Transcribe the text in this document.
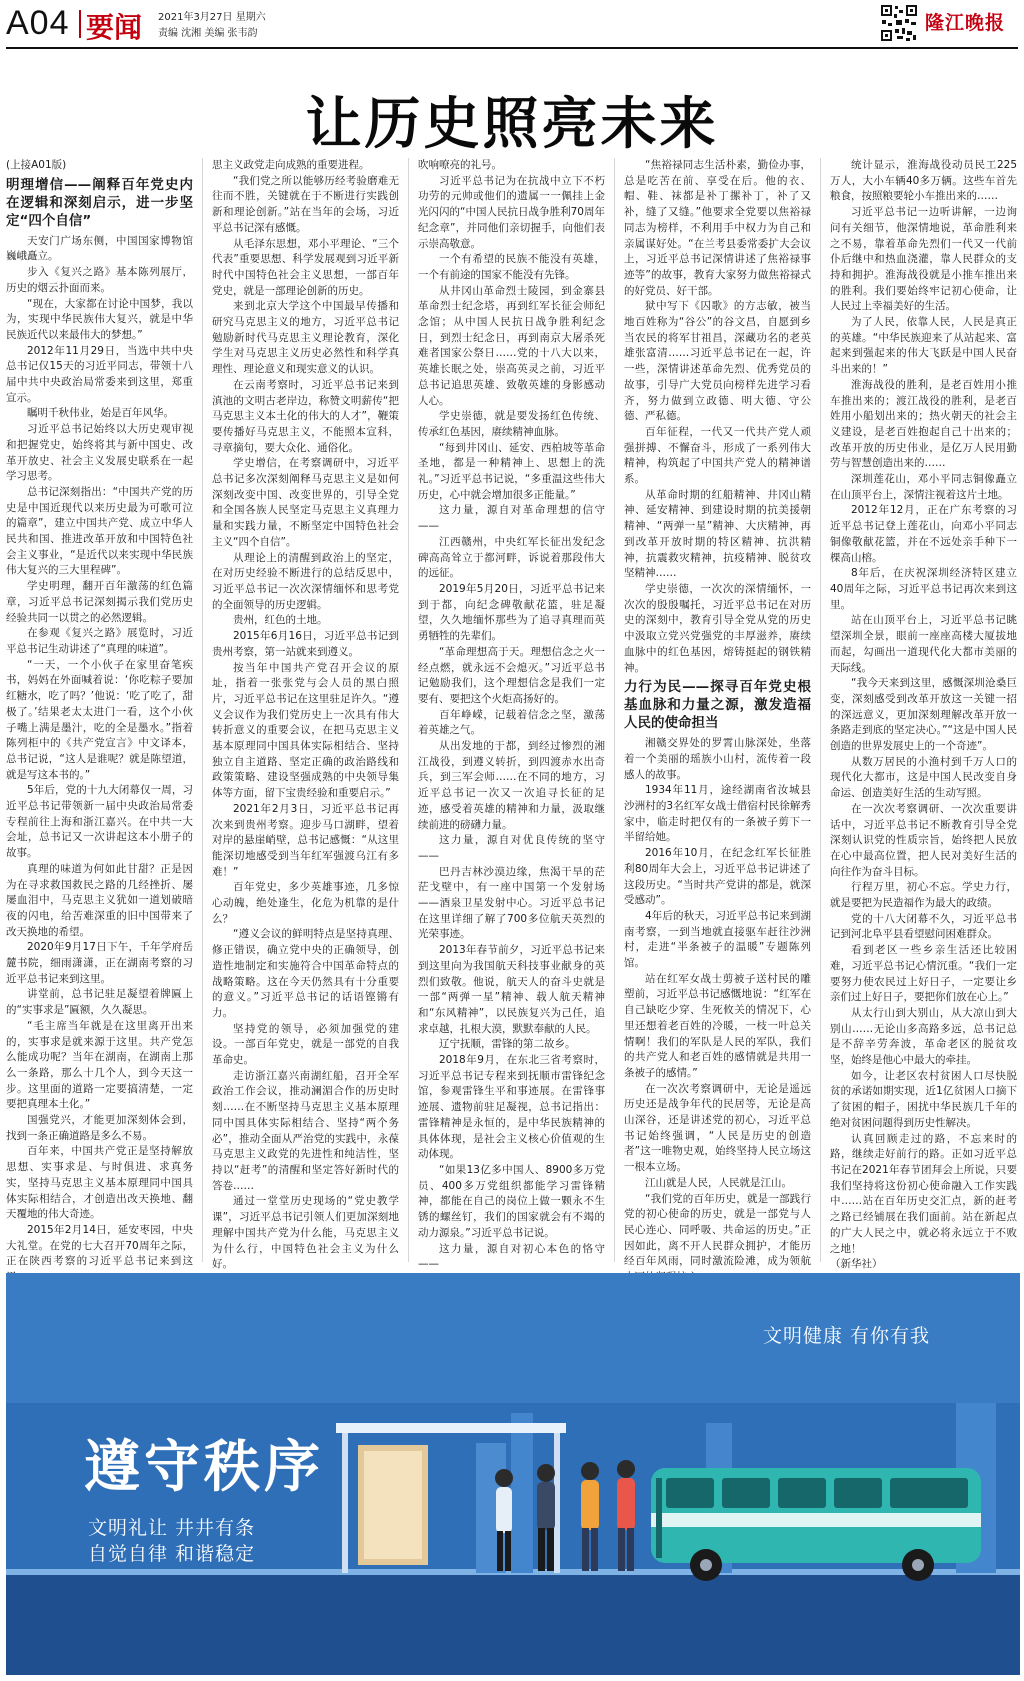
A04 要闻 2021年3月27日 星期六
责编 沈湘 美编 张韦韵	隆江晚报
让历史照亮未来

(上接A01版)

明理增信——阐释百年党史内在逻辑和深刻启示，进一步坚定“四个自信”

天安门广场东侧，中国国家博物馆巍峨矗立。

步入《复兴之路》基本陈列展厅，历史的烟云扑面而来。

“现在，大家都在讨论中国梦，我以为，实现中华民族伟大复兴，就是中华民族近代以来最伟大的梦想。”

2012年11月29日，当选中共中央总书记仅15天的习近平同志，带领十八届中共中央政治局常委来到这里，郑重宣示。

瞩明千秋伟业，始是百年风华。

习近平总书记始终以大历史观审视和把握党史，始终将其与新中国史、改革开放史、社会主义发展史联系在一起学习思考。

总书记深刻指出：“中国共产党的历史是中国近现代以来历史最为可歌可泣的篇章”，建立中国共产党、成立中华人民共和国、推进改革开放和中国特色社会主义事业，“是近代以来实现中华民族伟大复兴的三大里程碑”。

学史明理，翻开百年激荡的红色篇章，习近平总书记深刻揭示我们党历史经验共同一以贯之的必然逻辑。

在参观《复兴之路》展览时，习近平总书记生动讲述了“真理的味道”。

“一天，一个小伙子在家里奋笔疾书，妈妈在外面喊着说：‘你吃粽子要加红糖水，吃了吗？’他说：‘吃了吃了，甜极了。’结果老太太进门一看，这个小伙子嘴上满是墨汁，吃的全是墨水。”指着陈列柜中的《共产党宣言》中文译本，总书记说，“这人是谁呢？就是陈望道，就是写这本书的。”

5年后，党的十九大闭幕仅一周，习近平总书记带领新一届中央政治局常委专程前往上海和浙江嘉兴。在中共一大会址，总书记又一次讲起这本小册子的故事。

真理的味道为何如此甘甜？正是因为在寻求救国救民之路的几经挫折、屡屡血泪中，马克思主义犹如一道划破暗夜的闪电，给苦难深重的旧中国带来了改天换地的希望。

2020年9月17日下午，千年学府岳麓书院，细雨潇潇，正在湖南考察的习近平总书记来到这里。

讲堂前，总书记驻足凝望着牌匾上的“实事求是”匾额，久久凝思。

“毛主席当年就是在这里离开出来的，实事求是就来源于这里。共产党怎么能成功呢？当年在湖南，在湖南上那么一条路，那么十几个人，到今天这一步。这里面的道路一定要搞清楚，一定要把真理本土化。”

国强党兴，才能更加深刻体会到，找到一条正确道路是多么不易。

百年来，中国共产党正是坚持解放思想、实事求是、与时俱进、求真务实，坚持马克思主义基本原理同中国具体实际相结合，才创造出改天换地、翻天覆地的伟大奇迹。

2015年2月14日，延安枣园，中央大礼堂。在党的七大召开70周年之际，正在陕西考察的习近平总书记来到这

思主义政党走向成熟的重要进程。

“我们党之所以能够历经考验磨难无往而不胜，关键就在于不断进行实践创新和理论创新。”站在当年的会场，习近平总书记深有感慨。

从毛泽东思想，邓小平理论、“三个代表”重要思想、科学发展观到习近平新时代中国特色社会主义思想，一部百年党史，就是一部理论创新的历史。

来到北京大学这个中国最早传播和研究马克思主义的地方，习近平总书记勉励新时代马克思主义理论教育，深化学生对马克思主义历史必然性和科学真理性、理论意义和现实意义的认识。

在云南考察时，习近平总书记来到滇池的文明古老岸边，称赞文明薪传“把马克思主义本土化的伟大的人才”，鞭策要传播好马克思主义，不能照本宣科，寻章摘句，要大众化、通俗化。

学史增信，在考察调研中，习近平总书记多次深刻阐释马克思主义是如何深刻改变中国、改变世界的，引导全党和全国各族人民坚定马克思主义真理力量和实践力量，不断坚定中国特色社会主义“四个自信”。

从理论上的清醒到政治上的坚定，在对历史经验不断进行的总结反思中，习近平总书记一次次深情缅怀和思考党的全面领导的历史逻辑。

贵州，红色的土地。

2015年6月16日，习近平总书记到贵州考察，第一站就来到遵义。

按当年中国共产党召开会议的原址，指着一张张党与会人员的黑白照片，习近平总书记在这里驻足许久。“遵义会议作为我们党历史上一次具有伟大转折意义的重要会议，在把马克思主义基本原理同中国具体实际相结合、坚持独立自主道路、坚定正确的政治路线和政策策略、建设坚强成熟的中央领导集体等方面，留下宝贵经验和重要启示。”

2021年2月3日，习近平总书记再次来到贵州考察。迎步马口湖畔，望着对岸的悬崖峭壁，总书记感慨：“从这里能深切地感受到当年红军强渡乌江有多难！”

百年党史，多少英雄事迹，几多惊心动魄，绝处逢生，化危为机靠的是什么？

“遵义会议的鲜明特点是坚持真理、修正错误，确立党中央的正确领导，创造性地制定和实施符合中国革命特点的战略策略。这在今天仍然具有十分重要的意义。”习近平总书记的话语铿锵有力。

坚持党的领导，必须加强党的建设。一部百年党史，就是一部党的自我革命史。

走访浙江嘉兴南湖红船，召开全军政治工作会议，推动澜湄合作的历史时刻……在不断坚持马克思主义基本原理同中国具体实际相结合、坚持“两个务必”，推动全面从严治党的实践中，永葆马克思主义政党的先进性和纯洁性，坚持以“赶考”的清醒和坚定答好新时代的答卷……

通过一堂堂历史现场的“党史教学课”，习近平总书记引领人们更加深刻地理解中国共产党为什么能，马克思主义为什么行，中国特色社会主义为什么好。

吹响嘹亮的礼号。

习近平总书记为在抗战中立下不朽功劳的元帅或他们的遗属一一佩挂上金光闪闪的“中国人民抗日战争胜利70周年纪念章”，并同他们亲切握手，向他们表示崇高敬意。

一个有希望的民族不能没有英雄，一个有前途的国家不能没有先锋。

从井冈山革命烈士陵园，到金寨县革命烈士纪念塔，再到红军长征会师纪念馆；从中国人民抗日战争胜利纪念日，到烈士纪念日，再到南京大屠杀死难者国家公祭日……党的十八大以来，英雄长眠之处，崇高英灵之前，习近平总书记追思英雄、致敬英雄的身影感动人心。

学史崇德，就是要发扬红色传统、传承红色基因，赓续精神血脉。

“每到井冈山、延安、西柏坡等革命圣地，都是一种精神上、思想上的洗礼。”习近平总书记说，“多重温这些伟大历史，心中就会增加很多正能量。”

这力量，源自对革命理想的信守——

江西赣州，中央红军长征出发纪念碑高高耸立于都河畔，诉说着那段伟大的远征。

2019年5月20日，习近平总书记来到于都，向纪念碑敬献花篮，驻足凝望，久久地缅怀那些为了追寻真理而英勇牺牲的先辈们。

“革命理想高于天。理想信念之火一经点燃，就永远不会熄灭。”习近平总书记勉励我们，这个理想信念是我们一定要有、要把这个火炬高扬好的。

百年峥嵘，记载着信念之坚，激荡着英雄之气。

从出发地的于都，到经过惨烈的湘江战役，到遵义转折，到四渡赤水出奇兵，到三军会师……在不同的地方，习近平总书记一次又一次追寻长征的足迹，感受着英雄的精神和力量，汲取继续前进的磅礴力量。

这力量，源自对优良传统的坚守——

巴丹吉林沙漠边缘，焦渴干旱的茫茫戈壁中，有一座中国第一个发射场——酒泉卫星发射中心。习近平总书记在这里详细了解了700多位航天英烈的光荣事迹。

2013年春节前夕，习近平总书记来到这里向为我国航天科技事业献身的英烈们致敬。他说，航天人的奋斗史就是一部“两弹一星”精神、载人航天精神和“东风精神”，以民族复兴为己任，追求卓越，扎根大漠，默默奉献的人民。

辽宁抚顺，雷锋的第二故乡。

2018年9月，在东北三省考察时，习近平总书记专程来到抚顺市雷锋纪念馆，参观雷锋生平和事迹展。在雷锋事迹展、遗物前驻足凝视，总书记指出：雷锋精神是永恒的，是中华民族精神的具体体现，是社会主义核心价值观的生动体现。

“如果13亿多中国人、8900多万党员、400多万党组织都能学习雷锋精神，都能在自己的岗位上做一颗永不生锈的螺丝钉，我们的国家就会有不竭的动力源泉。”习近平总书记说。

这力量，源自对初心本色的恪守——

“焦裕禄同志生活朴素，勤俭办事，总是吃苦在前、享受在后。他的衣、帽、鞋、袜都是补丁摞补丁，补了又补，缝了又缝。”他要求全党要以焦裕禄同志为榜样，不利用手中权力为自己和亲属谋好处。“在兰考县委常委扩大会议上，习近平总书记深情讲述了焦裕禄事迹等”的故事，教育大家努力做焦裕禄式的好党员、好干部。

狱中写下《囚歌》的方志敏，被当地百姓称为“谷公”的谷文昌，自愿到乡当农民的将军甘祖昌，深藏功名的老英雄张富清……习近平总书记在一起，许一些，深情讲述革命先烈、优秀党员的故事，引导广大党员向榜样先进学习看齐，努力做到立政德、明大德、守公德、严私德。

百年征程，一代又一代共产党人顽强拼搏、不懈奋斗，形成了一系列伟大精神，构筑起了中国共产党人的精神谱系。

从革命时期的红船精神、井冈山精神、延安精神、到建设时期的抗美援朝精神、“两弹一星”精神、大庆精神，再到改革开放时期的特区精神、抗洪精神，抗震救灾精神，抗疫精神、脱贫攻坚精神……

学史崇德，一次次的深情缅怀，一次次的殷殷嘱托，习近平总书记在对历史的深刻中，教育引导全党从党的历史中汲取立党兴党强党的丰厚滋养，赓续血脉中的红色基因，熔铸挺起的钢铁精神。

力行为民——探寻百年党史根基血脉和力量之源，激发造福人民的使命担当

湘赣交界处的罗霄山脉深处，坐落着一个美丽的瑶族小山村，流传着一段感人的故事。

1934年11月，途经湖南省汝城县沙洲村的3名红军女战士借宿村民徐解秀家中，临走时把仅有的一条被子剪下一半留给她。

2016年10月，在纪念红军长征胜利80周年大会上，习近平总书记讲述了这段历史。“当时共产党讲的都是，就深受感动”。

4年后的秋天，习近平总书记来到湖南考察，一到当地就直接驱车赶往沙洲村，走进“半条被子的温暖”专题陈列馆。

站在红军女战士剪被子送村民的雕塑前，习近平总书记感慨地说：“红军在自己缺吃少穿、生死攸关的情况下，心里还想着老百姓的冷暖，一枝一叶总关情啊！我们的军队是人民的军队，我们的共产党人和老百姓的感情就是共用一条被子的感情。”

在一次次考察调研中，无论是遥远历史还是战争年代的民居等，无论是高山深谷，还是讲述党的初心，习近平总书记始终强调，“人民是历史的创造者”这一唯物史观，始终坚持人民立场这一根本立场。

江山就是人民，人民就是江山。

“我们党的百年历史，就是一部践行党的初心使命的历史，就是一部党与人民心连心、同呼吸、共命运的历史。”正因如此，离不开人民群众拥护，才能历经百年风雨，同时激流险滩，成为领航

统计显示，淮海战役动员民工225万人，大小车辆40多万辆。这些车首先粮食，按照粮要轮小车推出来的……

习近平总书记一边听讲解，一边询问有关细节，他深情地说，革命胜利来之不易，靠着革命先烈们一代又一代前仆后继中和热血浇灌，靠人民群众的支持和拥护。淮海战役就是小推车推出来的胜利。我们要始终牢记初心使命，让人民过上幸福美好的生活。

为了人民，依靠人民，人民是真正的英雄。“中华民族迎来了从站起来、富起来到强起来的伟大飞跃是中国人民奋斗出来的！”

淮海战役的胜利，是老百姓用小推车推出来的；渡江战役的胜利，是老百姓用小船划出来的；热火朝天的社会主义建设，是老百姓抱起自己十出来的；改革开放的历史伟业，是亿万人民用勤劳与智慧创造出来的……

深圳莲花山，邓小平同志铜像矗立在山顶平台上，深情注视着这片土地。

2012年12月，正在广东考察的习近平总书记登上莲花山，向邓小平同志铜像敬献花篮，并在不远处亲手种下一棵高山榕。

8年后，在庆祝深圳经济特区建立40周年之际，习近平总书记再次来到这里。

站在山顶平台上，习近平总书记眺望深圳全景，眼前一座座高楼大厦拔地而起，勾画出一道现代化大都市美丽的天际线。

“我今天来到这里，感慨深圳沧桑巨变，深刻感受到改革开放这一关键一招的深远意义，更加深刻理解改革开放一条路走到底的坚定决心。”“这是中国人民创造的世界发展史上的一个奇迹”。

从数万居民的小渔村到千万人口的现代化大都市，这是中国人民改变自身命运、创造美好生活的生动写照。

在一次次考察调研、一次次重要讲话中，习近平总书记不断教育引导全党深刻认识党的性质宗旨，始终把人民放在心中最高位置，把人民对美好生活的向往作为奋斗目标。

行程万里，初心不忘。学史力行，就是要把为民造福作为最大的政绩。

党的十八大闭幕不久，习近平总书记到河北阜平县看望慰问困难群众。

看到老区一些乡亲生活还比较困难，习近平总书记心情沉重。“我们一定要努力使农民过上好日子，一定要让乡亲们过上好日子，要把你们放在心上。”

从太行山到大别山，从大凉山到大别山……无论山多高路多远，总书记总是不辞辛劳奔波，革命老区的脱贫攻坚，始终是他心中最大的牵挂。

如今，让老区农村贫困人口尽快脱贫的承诺如期实现，近1亿贫困人口摘下了贫困的帽子，困扰中华民族几千年的绝对贫困问题得到历史性解决。

认真回顾走过的路，不忘来时的路，继续走好前行的路。正如习近平总书记在2021年春节团拜会上所说，只要我们坚持将这份初心使命融入工作实践中……站在百年历史交汇点，新的赶考之路已经铺展在我们面前。站在新起点的广大人民之中，就必将永远立于不败之地！

（新华社）

文明健康 有你有我
遵守秩序
文明礼让 井井有条
自觉自律 和谐稳定
